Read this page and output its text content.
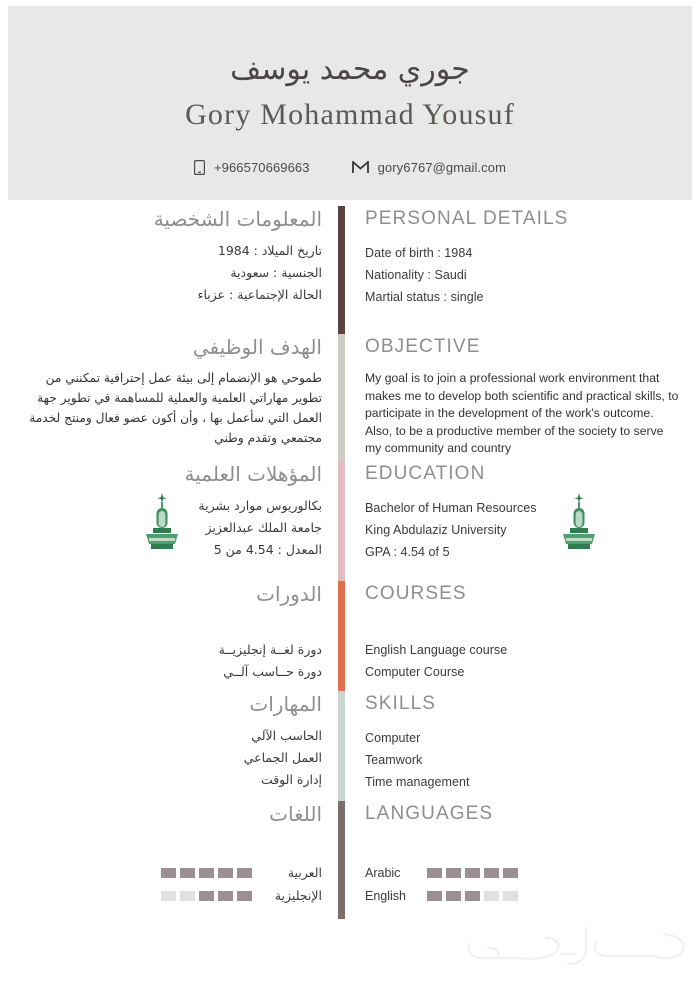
جوري محمد يوسف
Gory Mohammad Yousuf
+966570669663	gory6767@gmail.com
المعلومات الشخصية
تاريخ الميلاد : 1984
الجنسية : سعودية
الحالة الإجتماعية : عزباء
PERSONAL DETAILS
Date of birth : 1984
Nationality : Saudi
Martial status : single
الهدف الوظيفي
طموحي هو الإنضمام إلى بيئة عمل إحترافية تمكنني من تطوير مهاراتي العلمية والعملية للمساهمة في تطوير جهة العمل التي سأعمل بها ، وأن أكون عضو فعال ومنتج لخدمة مجتمعي وتقدم وطني
OBJECTIVE
My goal is to join a professional work environment that makes me to develop both scientific and practical skills, to participate in the development of the work's outcome. Also, to be a productive member of the society to serve my community and country
المؤهلات العلمية
بكالوريوس موارد بشرية
جامعة الملك عبدالعزيز
المعدل : 4.54 من 5
EDUCATION
Bachelor of Human Resources
King Abdulaziz University
GPA : 4.54 of 5
الدورات
دورة لغــة إنجليزيــة
دورة حــاسب آلــي
COURSES
English Language course
Computer Course
المهارات
الحاسب الآلي
العمل الجماعي
إدارة الوقت
SKILLS
Computer
Teamwork
Time management
اللغات
العربية
الإنجليزية
LANGUAGES
Arabic
English
